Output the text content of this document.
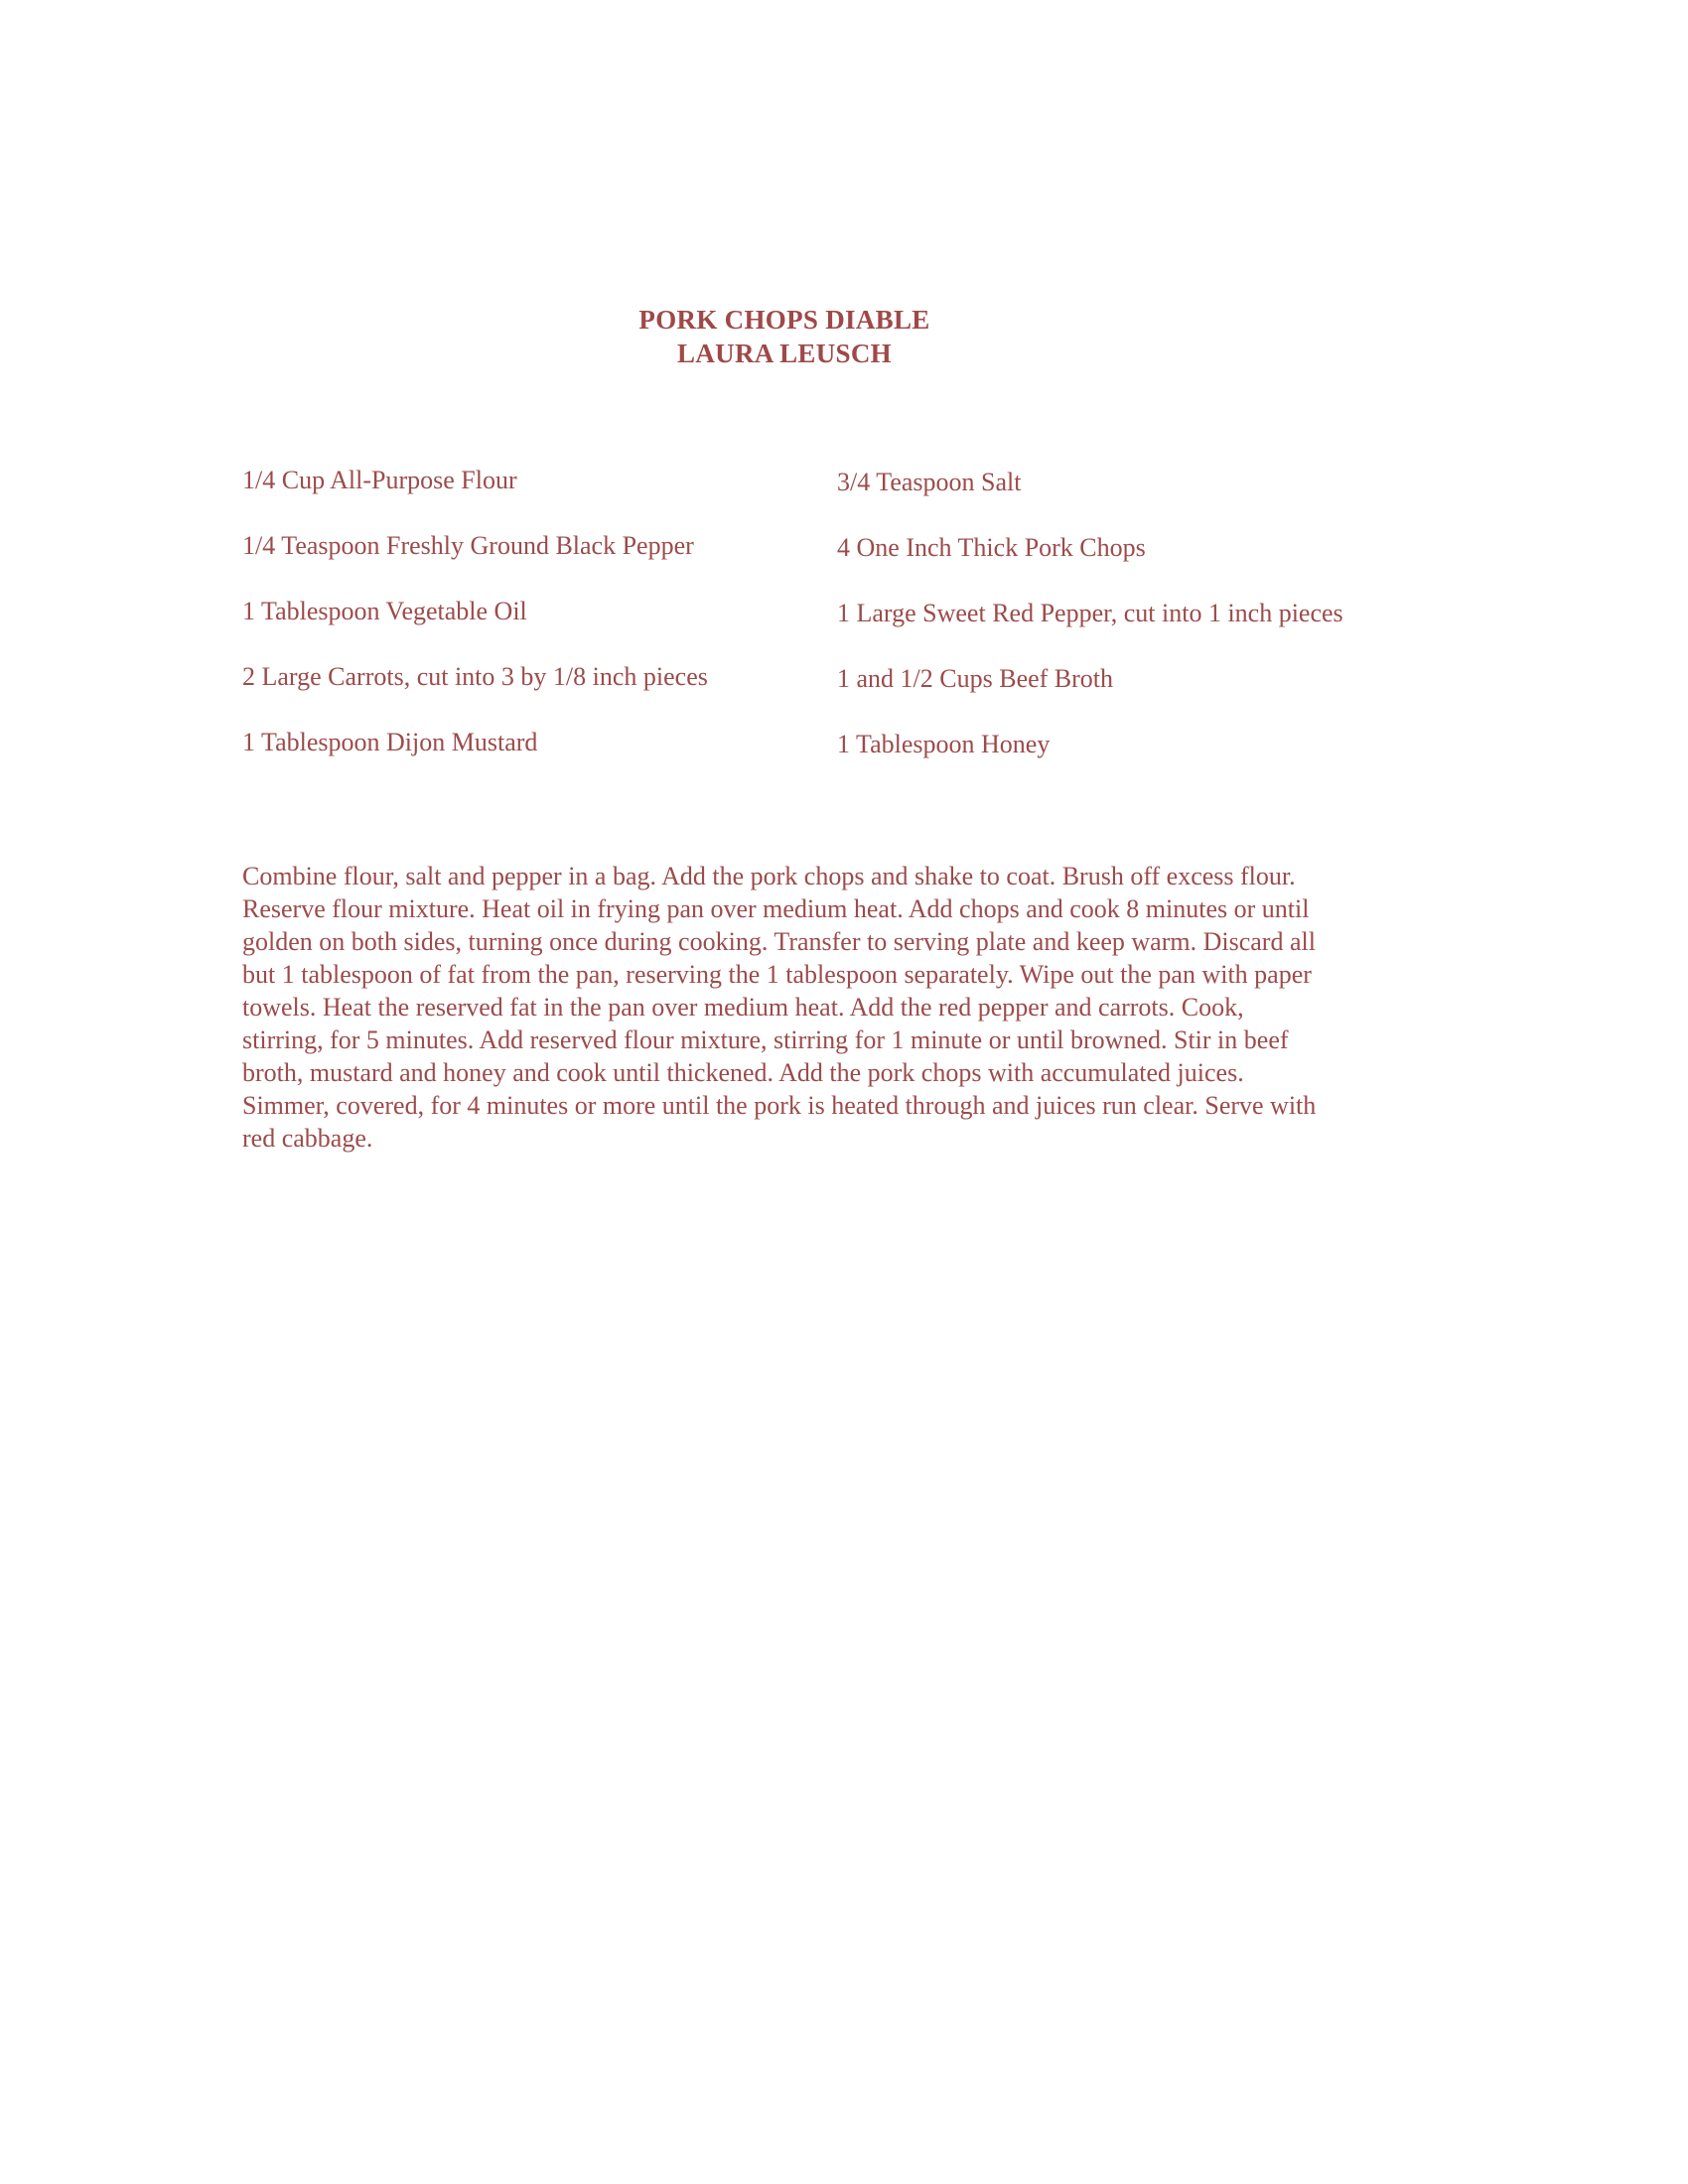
PORK CHOPS DIABLE
LAURA LEUSCH
1/4 Cup All-Purpose Flour
1/4 Teaspoon Freshly Ground Black Pepper
1 Tablespoon Vegetable Oil
2 Large Carrots, cut into 3 by 1/8 inch pieces
1 Tablespoon Dijon Mustard
3/4 Teaspoon Salt
4 One Inch Thick Pork Chops
1 Large Sweet Red Pepper, cut into 1 inch pieces
1 and 1/2 Cups Beef Broth
1 Tablespoon Honey
Combine flour, salt and pepper in a bag. Add the pork chops and shake to coat. Brush off excess flour.
Reserve flour mixture. Heat oil in frying pan over medium heat. Add chops and cook 8 minutes or until
golden on both sides, turning once during cooking. Transfer to serving plate and keep warm. Discard all
but 1 tablespoon of fat from the pan, reserving the 1 tablespoon separately. Wipe out the pan with paper
towels. Heat the reserved fat in the pan over medium heat. Add the red pepper and carrots. Cook,
stirring, for 5 minutes. Add reserved flour mixture, stirring for 1 minute or until browned. Stir in beef
broth, mustard and honey and cook until thickened. Add the pork chops with accumulated juices.
Simmer, covered, for 4 minutes or more until the pork is heated through and juices run clear. Serve with
red cabbage.
